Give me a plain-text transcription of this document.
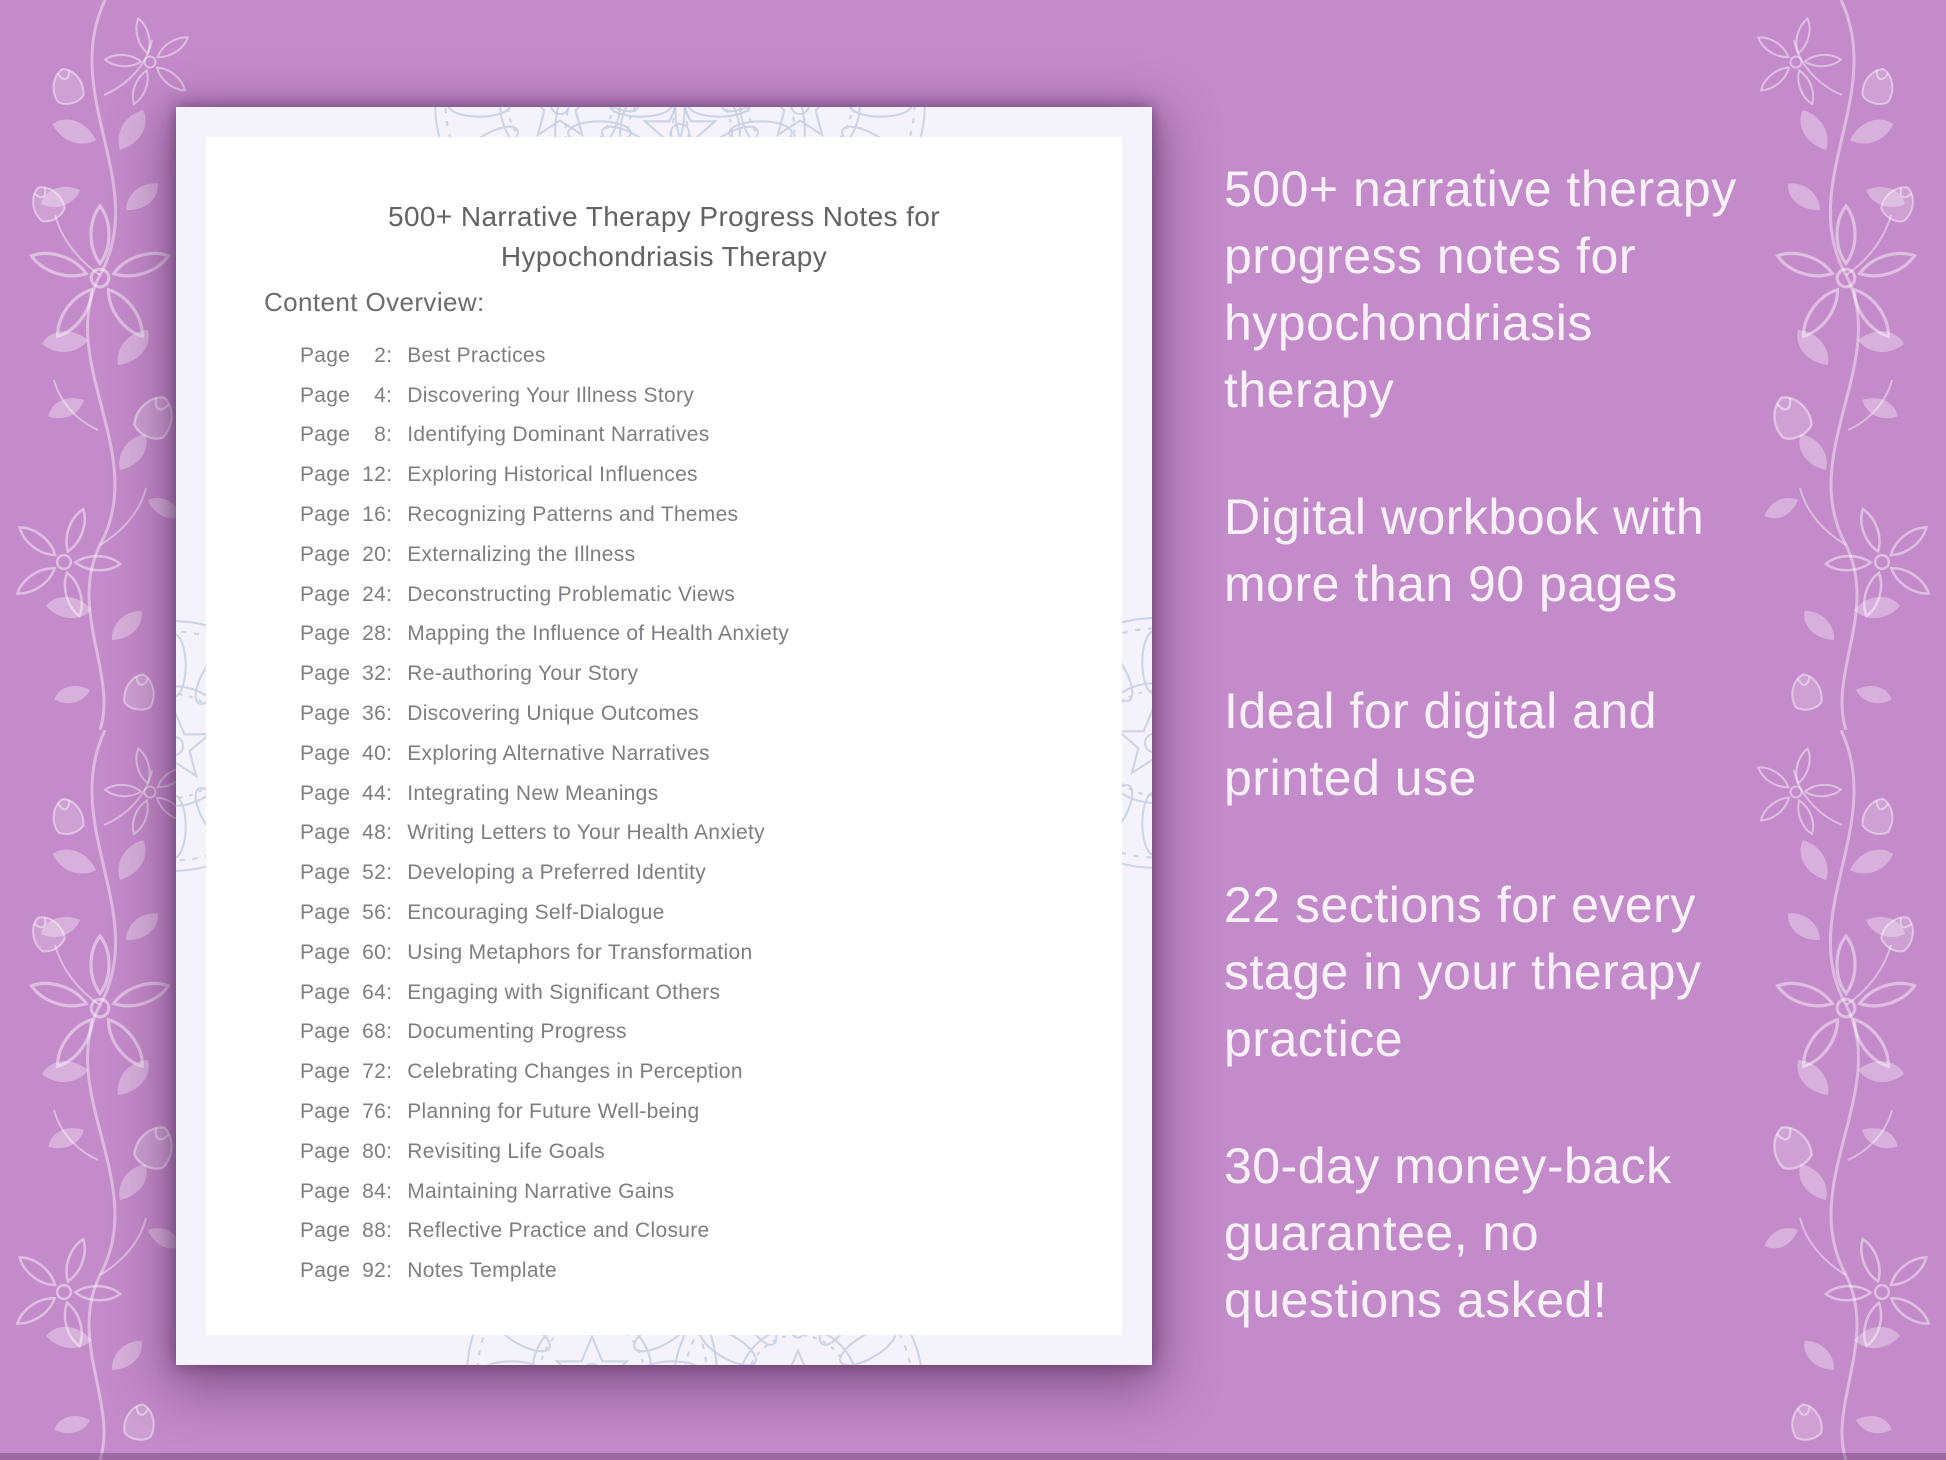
500+ Narrative Therapy Progress Notes for Hypochondriasis Therapy
Content Overview:
Page	2: Best Practices
Page	4: Discovering Your Illness Story
Page	8: Identifying Dominant Narratives
Page 12: Exploring Historical Influences
Page 16: Recognizing Patterns and Themes
Page 20: Externalizing the Illness
Page 24: Deconstructing Problematic Views
Page 28: Mapping the Influence of Health Anxiety
Page 32: Re-authoring Your Story
Page 36: Discovering Unique Outcomes
Page 40: Exploring Alternative Narratives
Page 44: Integrating New Meanings
Page 48: Writing Letters to Your Health Anxiety
Page 52: Developing a Preferred Identity
Page 56: Encouraging Self-Dialogue
Page 60: Using Metaphors for Transformation
Page 64: Engaging with Significant Others
Page 68: Documenting Progress
Page 72: Celebrating Changes in Perception
Page 76: Planning for Future Well-being
Page 80: Revisiting Life Goals
Page 84: Maintaining Narrative Gains
Page 88: Reflective Practice and Closure
Page 92: Notes Template
500+ narrative therapy
progress notes for
hypochondriasis
therapy
Digital workbook with
more than 90 pages
Ideal for digital and
printed use
22 sections for every
stage in your therapy
practice
30-day money-back
guarantee, no
questions asked!
